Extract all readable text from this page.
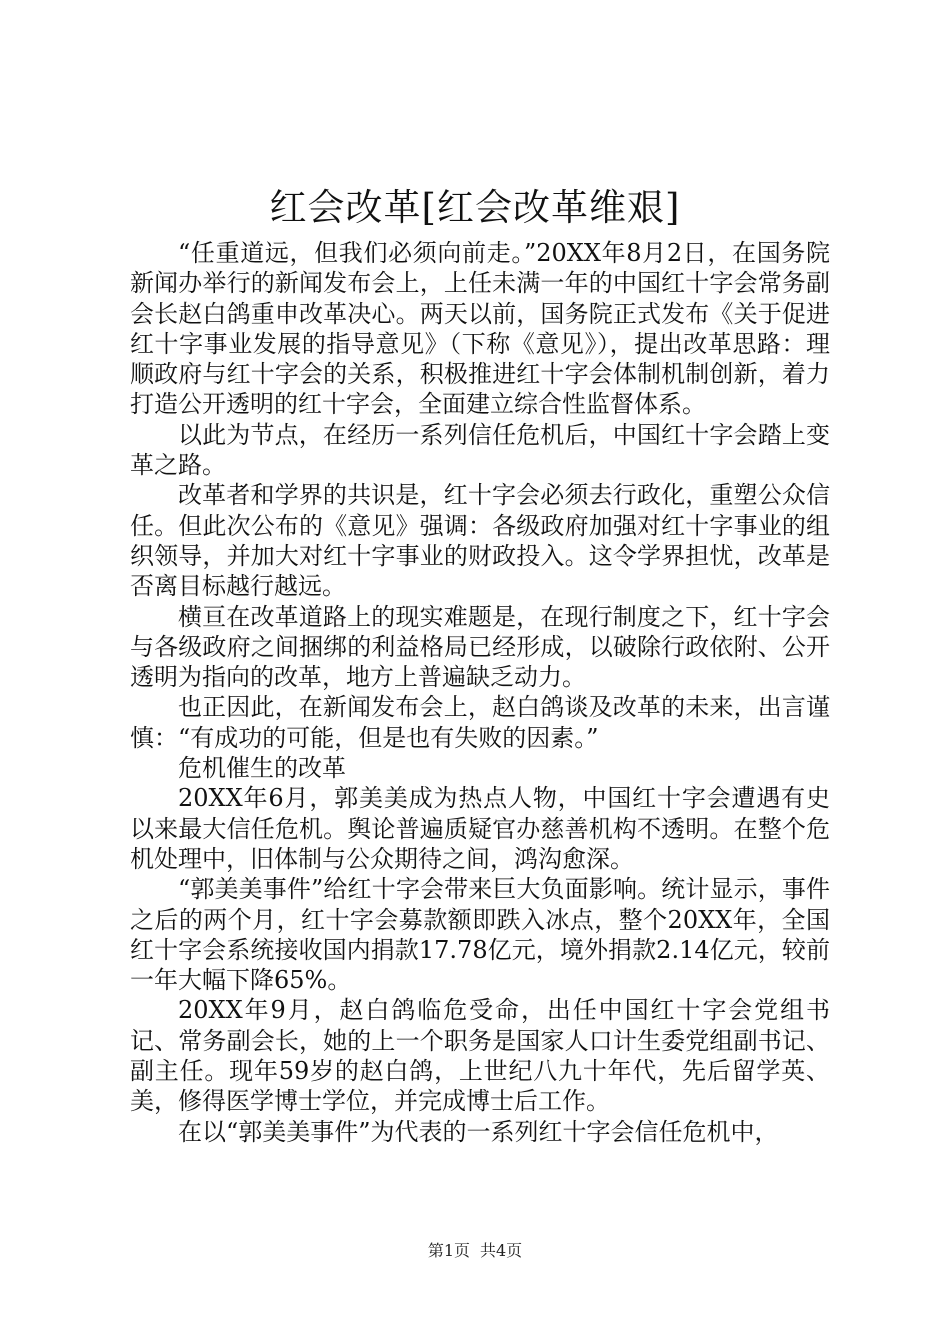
红会改革[红会改革维艰]

“任重道远，但我们必须向前走。”20XX年8月2日，在国务院新闻办举行的新闻发布会上，上任未满一年的中国红十字会常务副会长赵白鸽重申改革决心。两天以前，国务院正式发布《关于促进红十字事业发展的指导意见》（下称《意见》），提出改革思路：理顺政府与红十字会的关系，积极推进红十字会体制机制创新，着力打造公开透明的红十字会，全面建立综合性监督体系。

以此为节点，在经历一系列信任危机后，中国红十字会踏上变革之路。

改革者和学界的共识是，红十字会必须去行政化，重塑公众信任。但此次公布的《意见》强调：各级政府加强对红十字事业的组织领导，并加大对红十字事业的财政投入。这令学界担忧，改革是否离目标越行越远。

横亘在改革道路上的现实难题是，在现行制度之下，红十字会与各级政府之间捆绑的利益格局已经形成，以破除行政依附、公开透明为指向的改革，地方上普遍缺乏动力。

也正因此，在新闻发布会上，赵白鸽谈及改革的未来，出言谨慎：“有成功的可能，但是也有失败的因素。”

危机催生的改革

20XX年6月，郭美美成为热点人物，中国红十字会遭遇有史以来最大信任危机。舆论普遍质疑官办慈善机构不透明。在整个危机处理中，旧体制与公众期待之间，鸿沟愈深。

“郭美美事件”给红十字会带来巨大负面影响。统计显示，事件之后的两个月，红十字会募款额即跌入冰点，整个20XX年，全国红十字会系统接收国内捐款17.78亿元，境外捐款2.14亿元，较前一年大幅下降65%。

20XX年9月，赵白鸽临危受命，出任中国红十字会党组书记、常务副会长，她的上一个职务是国家人口计生委党组副书记、副主任。现年59岁的赵白鸽，上世纪八九十年代，先后留学英、美，修得医学博士学位，并完成博士后工作。

在以“郭美美事件”为代表的一系列红十字会信任危机中，

第1页 共4页
